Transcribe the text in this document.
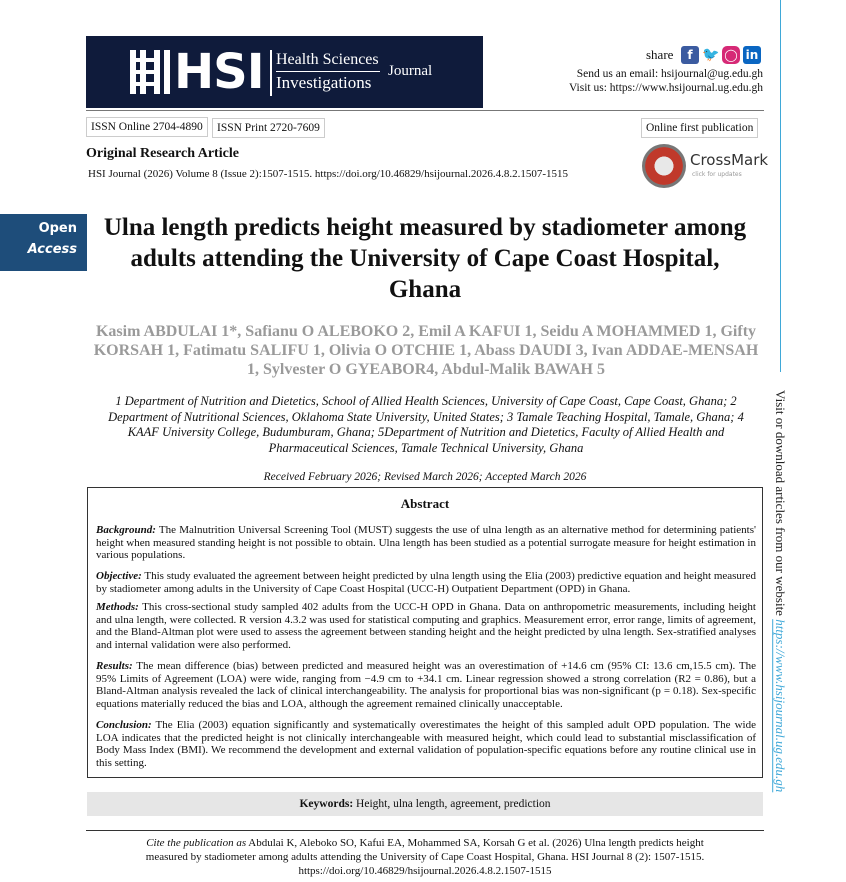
HSI Health Sciences
Investigations
Journal
share	f 🐦 ◯ in
Send us an email: hsijournal@ug.edu.gh
Visit us: https://www.hsijournal.ug.edu.gh
ISSN Online 2704-4890	ISSN Print 2720-7609	Online first publication
Original Research Article
HSI Journal (2026) Volume 8 (Issue 2):1507-1515. https://doi.org/10.46829/hsijournal.2026.4.8.2.1507-1515
CrossMark
click for updates
Open
Access
Ulna length predicts height measured by stadiometer among adults attending the University of Cape Coast Hospital, Ghana
Kasim ABDULAI 1*, Safianu O ALEBOKO 2, Emil A KAFUI 1, Seidu A MOHAMMED 1, Gifty KORSAH 1, Fatimatu SALIFU 1, Olivia O OTCHIE 1, Abass DAUDI 3, Ivan ADDAE-MENSAH 1, Sylvester O GYEABOR4, Abdul-Malik BAWAH 5
1 Department of Nutrition and Dietetics, School of Allied Health Sciences, University of Cape Coast, Cape Coast, Ghana; 2 Department of Nutritional Sciences, Oklahoma State University, United States; 3 Tamale Teaching Hospital, Tamale, Ghana; 4 KAAF University College, Budumburam, Ghana; 5Department of Nutrition and Dietetics, Faculty of Allied Health and Pharmaceutical Sciences, Tamale Technical University, Ghana
Received February 2026; Revised March 2026; Accepted March 2026
Abstract

Background: The Malnutrition Universal Screening Tool (MUST) suggests the use of ulna length as an alternative method for determining patients' height when measured standing height is not possible to obtain. Ulna length has been studied as a potential surrogate measure for height estimation in various populations.

Objective: This study evaluated the agreement between height predicted by ulna length using the Elia (2003) predictive equation and height measured by stadiometer among adults in the University of Cape Coast Hospital (UCC-H) Outpatient Department (OPD) in Ghana.

Methods: This cross-sectional study sampled 402 adults from the UCC-H OPD in Ghana. Data on anthropometric measurements, including height and ulna length, were collected. R version 4.3.2 was used for statistical computing and graphics. Measurement error, error range, limits of agreement, and the Bland-Altman plot were used to assess the agreement between standing height and the height predicted by ulna length. Sex-stratified analyses and internal validation were also performed.

Results: The mean difference (bias) between predicted and measured height was an overestimation of +14.6 cm (95% CI: 13.6 cm,15.5 cm). The 95% Limits of Agreement (LOA) were wide, ranging from −4.9 cm to +34.1 cm. Linear regression showed a strong correlation (R2 = 0.86), but a Bland-Altman analysis revealed the lack of clinical interchangeability. The analysis for proportional bias was non-significant (p = 0.18). Sex-specific equations materially reduced the bias and LOA, although the agreement remained clinically unacceptable.

Conclusion: The Elia (2003) equation significantly and systematically overestimates the height of this sampled adult OPD population. The wide LOA indicates that the predicted height is not clinically interchangeable with measured height, which could lead to substantial misclassification of Body Mass Index (BMI). We recommend the development and external validation of population-specific equations before any routine clinical use in this setting.

Keywords: Height, ulna length, agreement, prediction
Cite the publication as Abdulai K, Aleboko SO, Kafui EA, Mohammed SA, Korsah G et al. (2026) Ulna length predicts height measured by stadiometer among adults attending the University of Cape Coast Hospital, Ghana. HSI Journal 8 (2): 1507-1515. https://doi.org/10.46829/hsijournal.2026.4.8.2.1507-1515
Visit or download articles from our website https://www.hsijournal.ug.edu.gh
